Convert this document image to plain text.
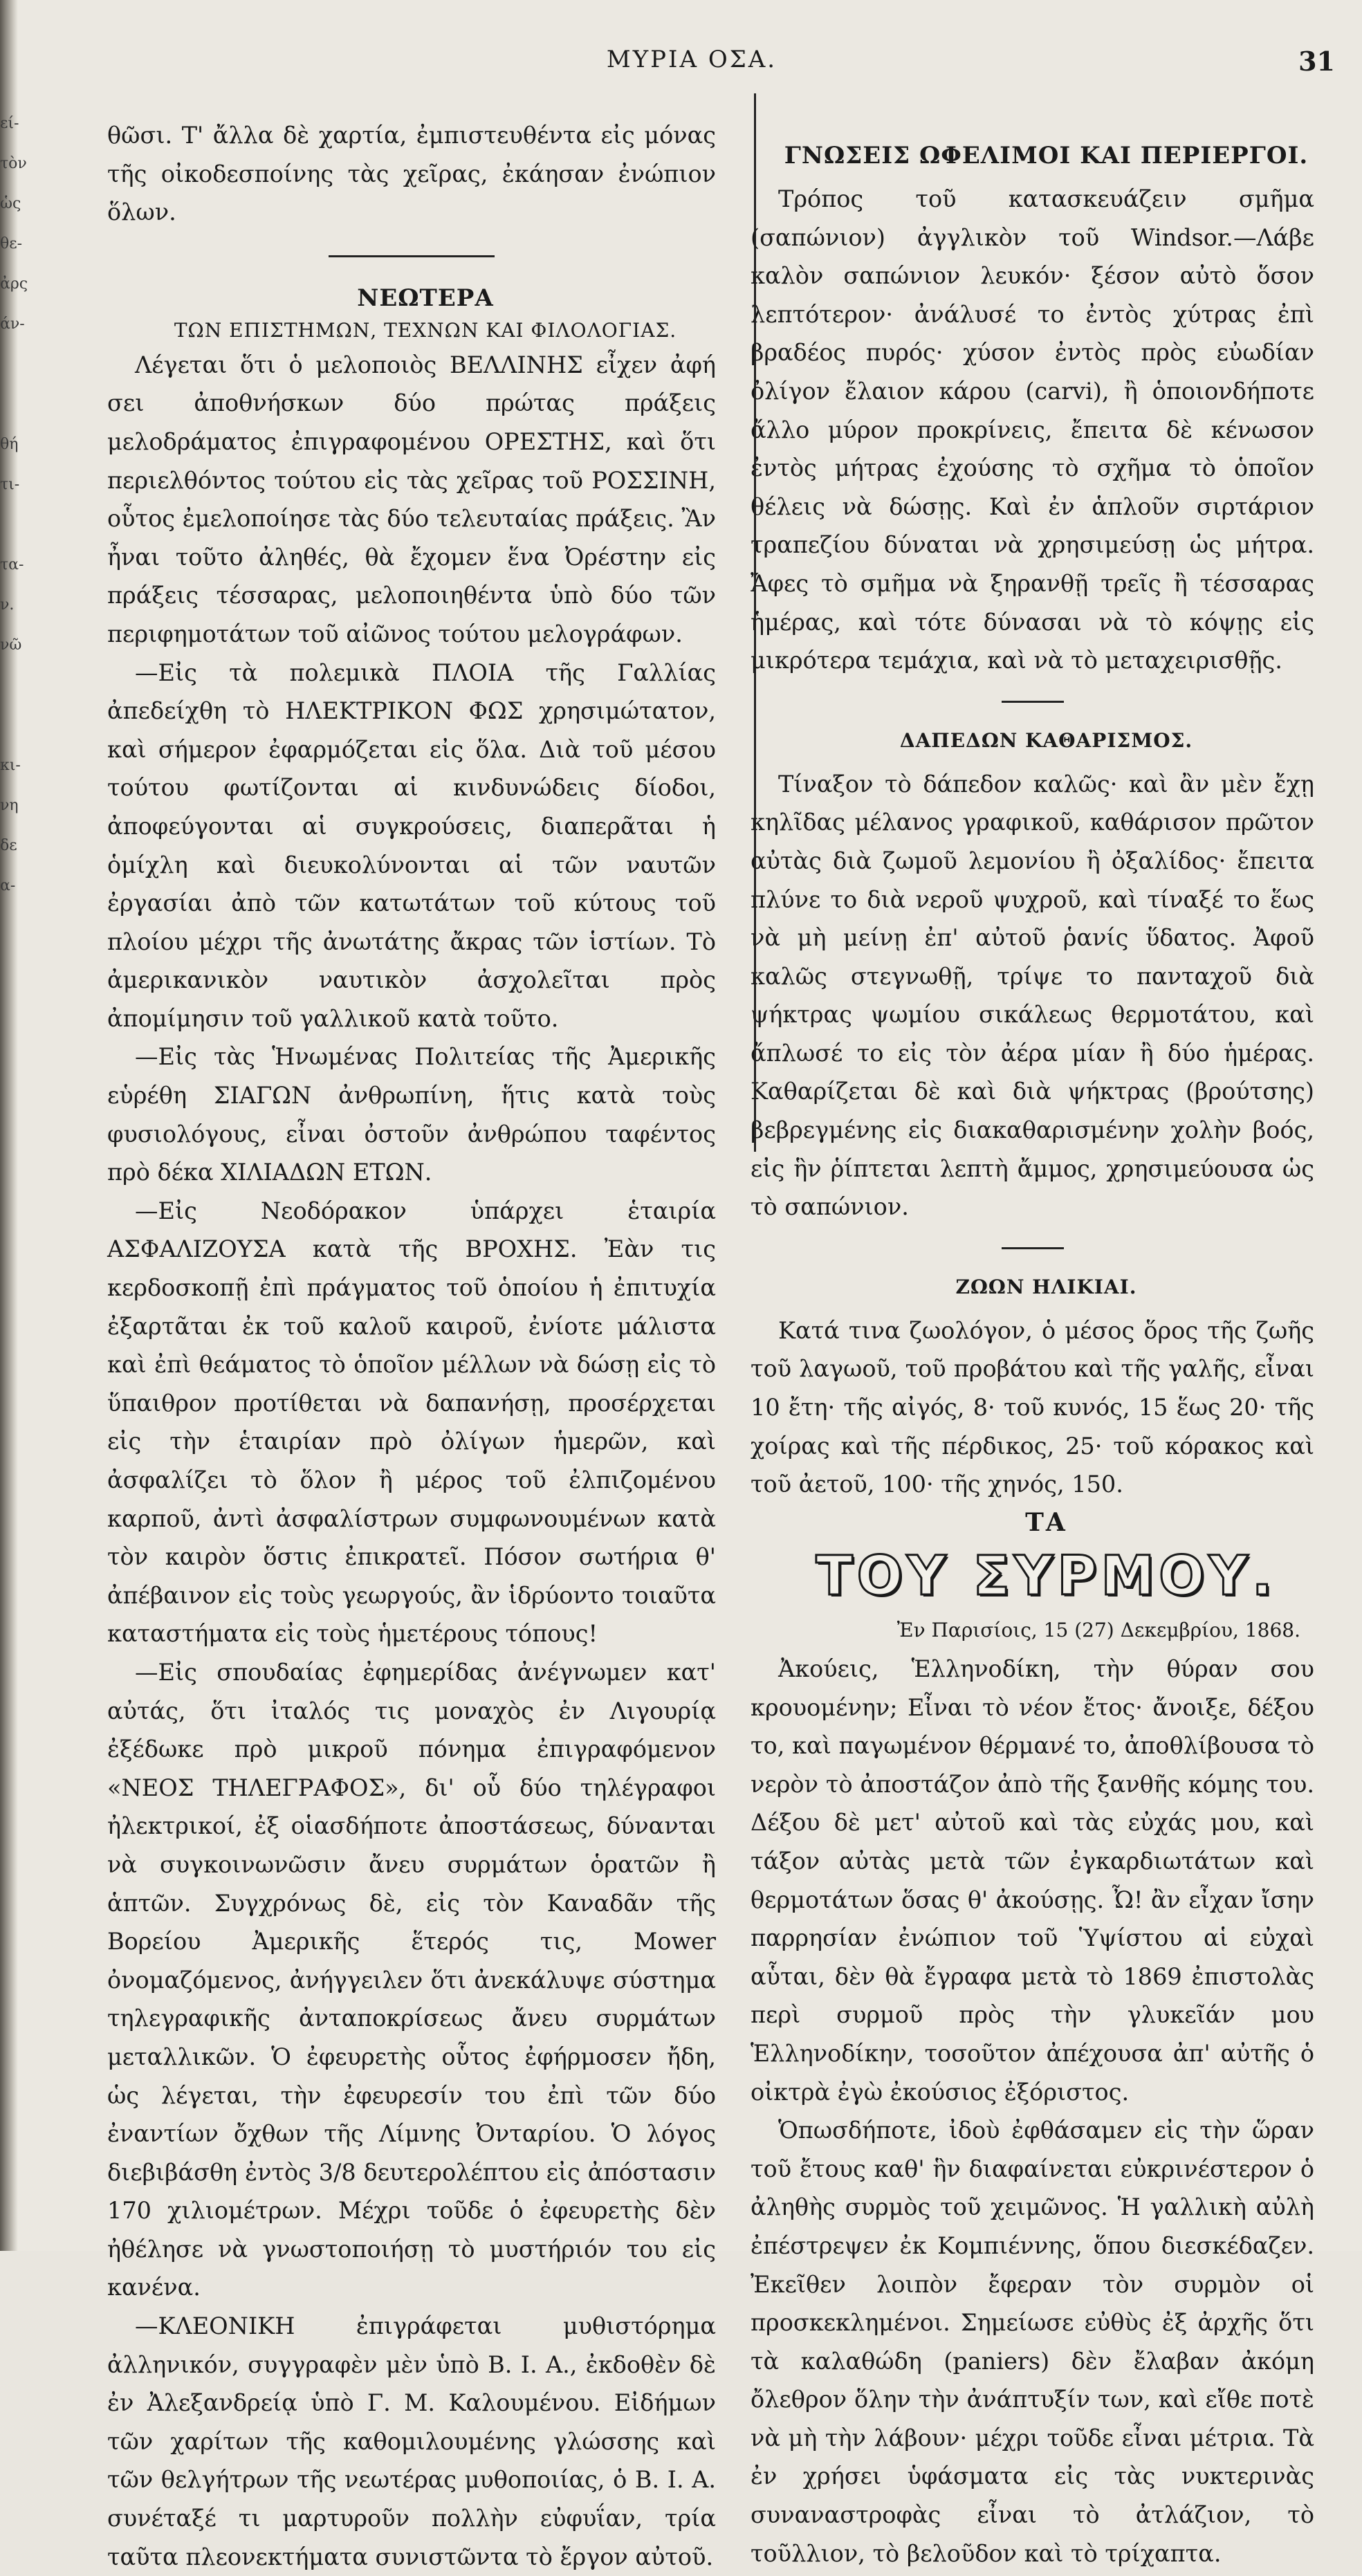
εί-
τὸν
ὡς
θε-
ἀρς
άν-

θή
τι-

τα-
ν.
νῶ

κι-
νη
δε
α-
ΜΥΡΙΑ ΟΣΑ.	31

θῶσι. Τ' ἄλλα δὲ χαρτία, ἐμπιστευθέντα εἰς μόνας τῆς οἰκοδεσποίνης τὰς χεῖρας, ἐκάησαν ἐνώπιον ὅλων.

ΝΕΩΤΕΡΑ

ΤΩΝ ΕΠΙΣΤΗΜΩΝ, ΤΕΧΝΩΝ ΚΑΙ ΦΙΛΟΛΟΓΙΑΣ.

Λέγεται ὅτι ὁ μελοποιὸς ΒΕΛΛΙΝΗΣ εἶχεν ἀφή σει ἀποθνήσκων δύο πρώτας πράξεις μελοδράματος ἐπιγραφομένου ΟΡΕΣΤΗΣ, καὶ ὅτι περιελθόντος τούτου εἰς τὰς χεῖρας τοῦ ΡΟΣΣΙΝΗ, οὗτος ἐμελοποίησε τὰς δύο τελευταίας πράξεις. Ἂν ἦναι τοῦτο ἀληθές, θὰ ἔχομεν ἕνα Ὀρέστην εἰς πράξεις τέσσαρας, μελοποιηθέντα ὑπὸ δύο τῶν περιφημοτάτων τοῦ αἰῶνος τούτου μελογράφων.

—Εἰς τὰ πολεμικὰ ΠΛΟΙΑ τῆς Γαλλίας ἀπεδείχθη τὸ ΗΛΕΚΤΡΙΚΟΝ ΦΩΣ χρησιμώτατον, καὶ σήμερον ἐφαρμόζεται εἰς ὅλα. Διὰ τοῦ μέσου τούτου φωτίζονται αἱ κινδυνώδεις δίοδοι, ἀποφεύγονται αἱ συγκρούσεις, διαπερᾶται ἡ ὁμίχλη καὶ διευκολύνονται αἱ τῶν ναυτῶν ἐργασίαι ἀπὸ τῶν κατωτάτων τοῦ κύτους τοῦ πλοίου μέχρι τῆς ἀνωτάτης ἄκρας τῶν ἱστίων. Τὸ ἀμερικανικὸν ναυτικὸν ἀσχολεῖται πρὸς ἀπομίμησιν τοῦ γαλλικοῦ κατὰ τοῦτο.

—Εἰς τὰς Ἡνωμένας Πολιτείας τῆς Ἀμερικῆς εὑρέθη ΣΙΑΓΩΝ ἀνθρωπίνη, ἥτις κατὰ τοὺς φυσιολόγους, εἶναι ὀστοῦν ἀνθρώπου ταφέντος πρὸ δέκα ΧΙΛΙΑΔΩΝ ΕΤΩΝ.

—Εἰς Νεοδόρακον ὑπάρχει ἑταιρία ΑΣΦΑΛΙΖΟΥΣΑ κατὰ τῆς ΒΡΟΧΗΣ. Ἐὰν τις κερδοσκοπῇ ἐπὶ πράγματος τοῦ ὁποίου ἡ ἐπιτυχία ἐξαρτᾶται ἐκ τοῦ καλοῦ καιροῦ, ἐνίοτε μάλιστα καὶ ἐπὶ θεάματος τὸ ὁποῖον μέλλων νὰ δώσῃ εἰς τὸ ὕπαιθρον προτίθεται νὰ δαπανήσῃ, προσέρχεται εἰς τὴν ἑταιρίαν πρὸ ὀλίγων ἡμερῶν, καὶ ἀσφαλίζει τὸ ὅλον ἢ μέρος τοῦ ἐλπιζομένου καρποῦ, ἀντὶ ἀσφαλίστρων συμφωνουμένων κατὰ τὸν καιρὸν ὅστις ἐπικρατεῖ. Πόσον σωτήρια θ' ἀπέβαινον εἰς τοὺς γεωργούς, ἂν ἱδρύοντο τοιαῦτα καταστήματα εἰς τοὺς ἡμετέρους τόπους!

—Εἰς σπουδαίας ἐφημερίδας ἀνέγνωμεν κατ' αὐτάς, ὅτι ἰταλός τις μοναχὸς ἐν Λιγουρίᾳ ἐξέδωκε πρὸ μικροῦ πόνημα ἐπιγραφόμενον «ΝΕΟΣ ΤΗΛΕΓΡΑΦΟΣ», δι' οὗ δύο τηλέγραφοι ἠλεκτρικοί, ἐξ οἱασδήποτε ἀποστάσεως, δύνανται νὰ συγκοινωνῶσιν ἄνευ συρμάτων ὁρατῶν ἢ ἁπτῶν. Συγχρόνως δὲ, εἰς τὸν Καναδᾶν τῆς Βορείου Ἀμερικῆς ἕτερός τις, Mower ὀνομαζόμενος, ἀνήγγειλεν ὅτι ἀνεκάλυψε σύστημα τηλεγραφικῆς ἀνταποκρίσεως ἄνευ συρμάτων μεταλλικῶν. Ὁ ἐφευρετὴς οὗτος ἐφήρμοσεν ἤδη, ὡς λέγεται, τὴν ἐφευρεσίν του ἐπὶ τῶν δύο ἐναντίων ὄχθων τῆς Λίμνης Ὀνταρίου. Ὁ λόγος διεβιβάσθη ἐντὸς 3/8 δευτερολέπτου εἰς ἀπόστασιν 170 χιλιομέτρων. Μέχρι τοῦδε ὁ ἐφευρετὴς δὲν ἠθέλησε νὰ γνωστοποιήσῃ τὸ μυστήριόν του εἰς κανένα.

—ΚΛΕΟΝΙΚΗ ἐπιγράφεται μυθιστόρημα ἀλληνικόν, συγγραφὲν μὲν ὑπὸ Β. Ι. Α., ἐκδοθὲν δὲ ἐν Ἀλεξανδρείᾳ ὑπὸ Γ. Μ. Καλουμένου. Εἰδήμων τῶν χαρίτων τῆς καθομιλουμένης γλώσσης καὶ τῶν θελγήτρων τῆς νεωτέρας μυθοποιίας, ὁ Β. Ι. Α. συνέταξέ τι μαρτυροῦν πολλὴν εὐφυΐαν, τρία ταῦτα πλεονεκτήματα συνιστῶντα τὸ ἔργον αὐτοῦ.

ΓΝΩΣΕΙΣ ΩΦΕΛΙΜΟΙ ΚΑΙ ΠΕΡΙΕΡΓΟΙ.

Τρόπος τοῦ κατασκευάζειν σμῆμα (σαπώνιον) ἀγγλικὸν τοῦ Windsor.—Λάβε καλὸν σαπώνιον λευκόν· ξέσον αὐτὸ ὅσον λεπτότερον· ἀνάλυσέ το ἐντὸς χύτρας ἐπὶ βραδέος πυρός· χύσον ἐντὸς πρὸς εὐωδίαν ὀλίγον ἔλαιον κάρου (carvi), ἢ ὁποιονδήποτε ἄλλο μύρον προκρίνεις, ἔπειτα δὲ κένωσον ἐντὸς μήτρας ἐχούσης τὸ σχῆμα τὸ ὁποῖον θέλεις νὰ δώσῃς. Καὶ ἐν ἁπλοῦν σιρτάριον τραπεζίου δύναται νὰ χρησιμεύσῃ ὡς μήτρα. Ἄφες τὸ σμῆμα νὰ ξηρανθῇ τρεῖς ἢ τέσσαρας ἡμέρας, καὶ τότε δύνασαι νὰ τὸ κόψῃς εἰς μικρότερα τεμάχια, καὶ νὰ τὸ μεταχειρισθῇς.

ΔΑΠΕΔΩΝ ΚΑΘΑΡΙΣΜΟΣ.

Τίναξον τὸ δάπεδον καλῶς· καὶ ἂν μὲν ἔχῃ κηλῖδας μέλανος γραφικοῦ, καθάρισον πρῶτον αὐτὰς διὰ ζωμοῦ λεμονίου ἢ ὀξαλίδος· ἔπειτα πλύνε το διὰ νεροῦ ψυχροῦ, καὶ τίναξέ το ἕως νὰ μὴ μείνῃ ἐπ' αὐτοῦ ῥανίς ὕδατος. Ἀφοῦ καλῶς στεγνωθῇ, τρίψε το πανταχοῦ διὰ ψήκτρας ψωμίου σικάλεως θερμοτάτου, καὶ ἄπλωσέ το εἰς τὸν ἀέρα μίαν ἢ δύο ἡμέρας. Καθαρίζεται δὲ καὶ διὰ ψήκτρας (βρούτσης) βεβρεγμένης εἰς διακαθαρισμένην χολὴν βοός, εἰς ἣν ῥίπτεται λεπτὴ ἄμμος, χρησιμεύουσα ὡς τὸ σαπώνιον.

ΖΩΩΝ ΗΛΙΚΙΑΙ.

Κατά τινα ζωολόγον, ὁ μέσος ὅρος τῆς ζωῆς τοῦ λαγωοῦ, τοῦ προβάτου καὶ τῆς γαλῆς, εἶναι 10 ἔτη· τῆς αἰγός, 8· τοῦ κυνός, 15 ἕως 20· τῆς χοίρας καὶ τῆς πέρδικος, 25· τοῦ κόρακος καὶ τοῦ ἀετοῦ, 100· τῆς χηνός, 150.

ΤΑ

ΤΟΥ ΣΥΡΜΟΥ.

Ἐν Παρισίοις, 15 (27) Δεκεμβρίου, 1868.

Ἀκούεις, Ἑλληνοδίκη, τὴν θύραν σου κρουομένην; Εἶναι τὸ νέον ἔτος· ἄνοιξε, δέξου το, καὶ παγωμένον θέρμανέ το, ἀποθλίβουσα τὸ νερὸν τὸ ἀποστάζον ἀπὸ τῆς ξανθῆς κόμης του. Δέξου δὲ μετ' αὐτοῦ καὶ τὰς εὐχάς μου, καὶ τάξον αὐτὰς μετὰ τῶν ἐγκαρδιωτάτων καὶ θερμοτάτων ὅσας θ' ἀκούσῃς. Ὦ! ἂν εἶχαν ἴσην παρρησίαν ἐνώπιον τοῦ Ὑψίστου αἱ εὐχαὶ αὗται, δὲν θὰ ἔγραφα μετὰ τὸ 1869 ἐπιστολὰς περὶ συρμοῦ πρὸς τὴν γλυκεῖάν μου Ἑλληνοδίκην, τοσοῦτον ἀπέχουσα ἀπ' αὐτῆς ὁ οἰκτρὰ ἐγὼ ἐκούσιος ἐξόριστος.

Ὁπωσδήποτε, ἰδοὺ ἐφθάσαμεν εἰς τὴν ὥραν τοῦ ἔτους καθ' ἣν διαφαίνεται εὐκρινέστερον ὁ ἀληθὴς συρμὸς τοῦ χειμῶνος. Ἡ γαλλικὴ αὐλὴ ἐπέστρεψεν ἐκ Κομπιέννης, ὅπου διεσκέδαζεν. Ἐκεῖθεν λοιπὸν ἔφεραν τὸν συρμὸν οἱ προσκεκλημένοι. Σημείωσε εὐθὺς ἐξ ἀρχῆς ὅτι τὰ καλαθώδη (paniers) δὲν ἔλαβαν ἀκόμη ὄλεθρον ὅλην τὴν ἀνάπτυξίν των, καὶ εἴθε ποτὲ νὰ μὴ τὴν λάβουν· μέχρι τοῦδε εἶναι μέτρια. Τὰ ἐν χρήσει ὑφάσματα εἰς τὰς νυκτερινὰς συναναστροφὰς εἶναι τὸ ἀτλάζιον, τὸ τοῦλλιον, τὸ βελοῦδον καὶ τὸ τρίχαπτα.
